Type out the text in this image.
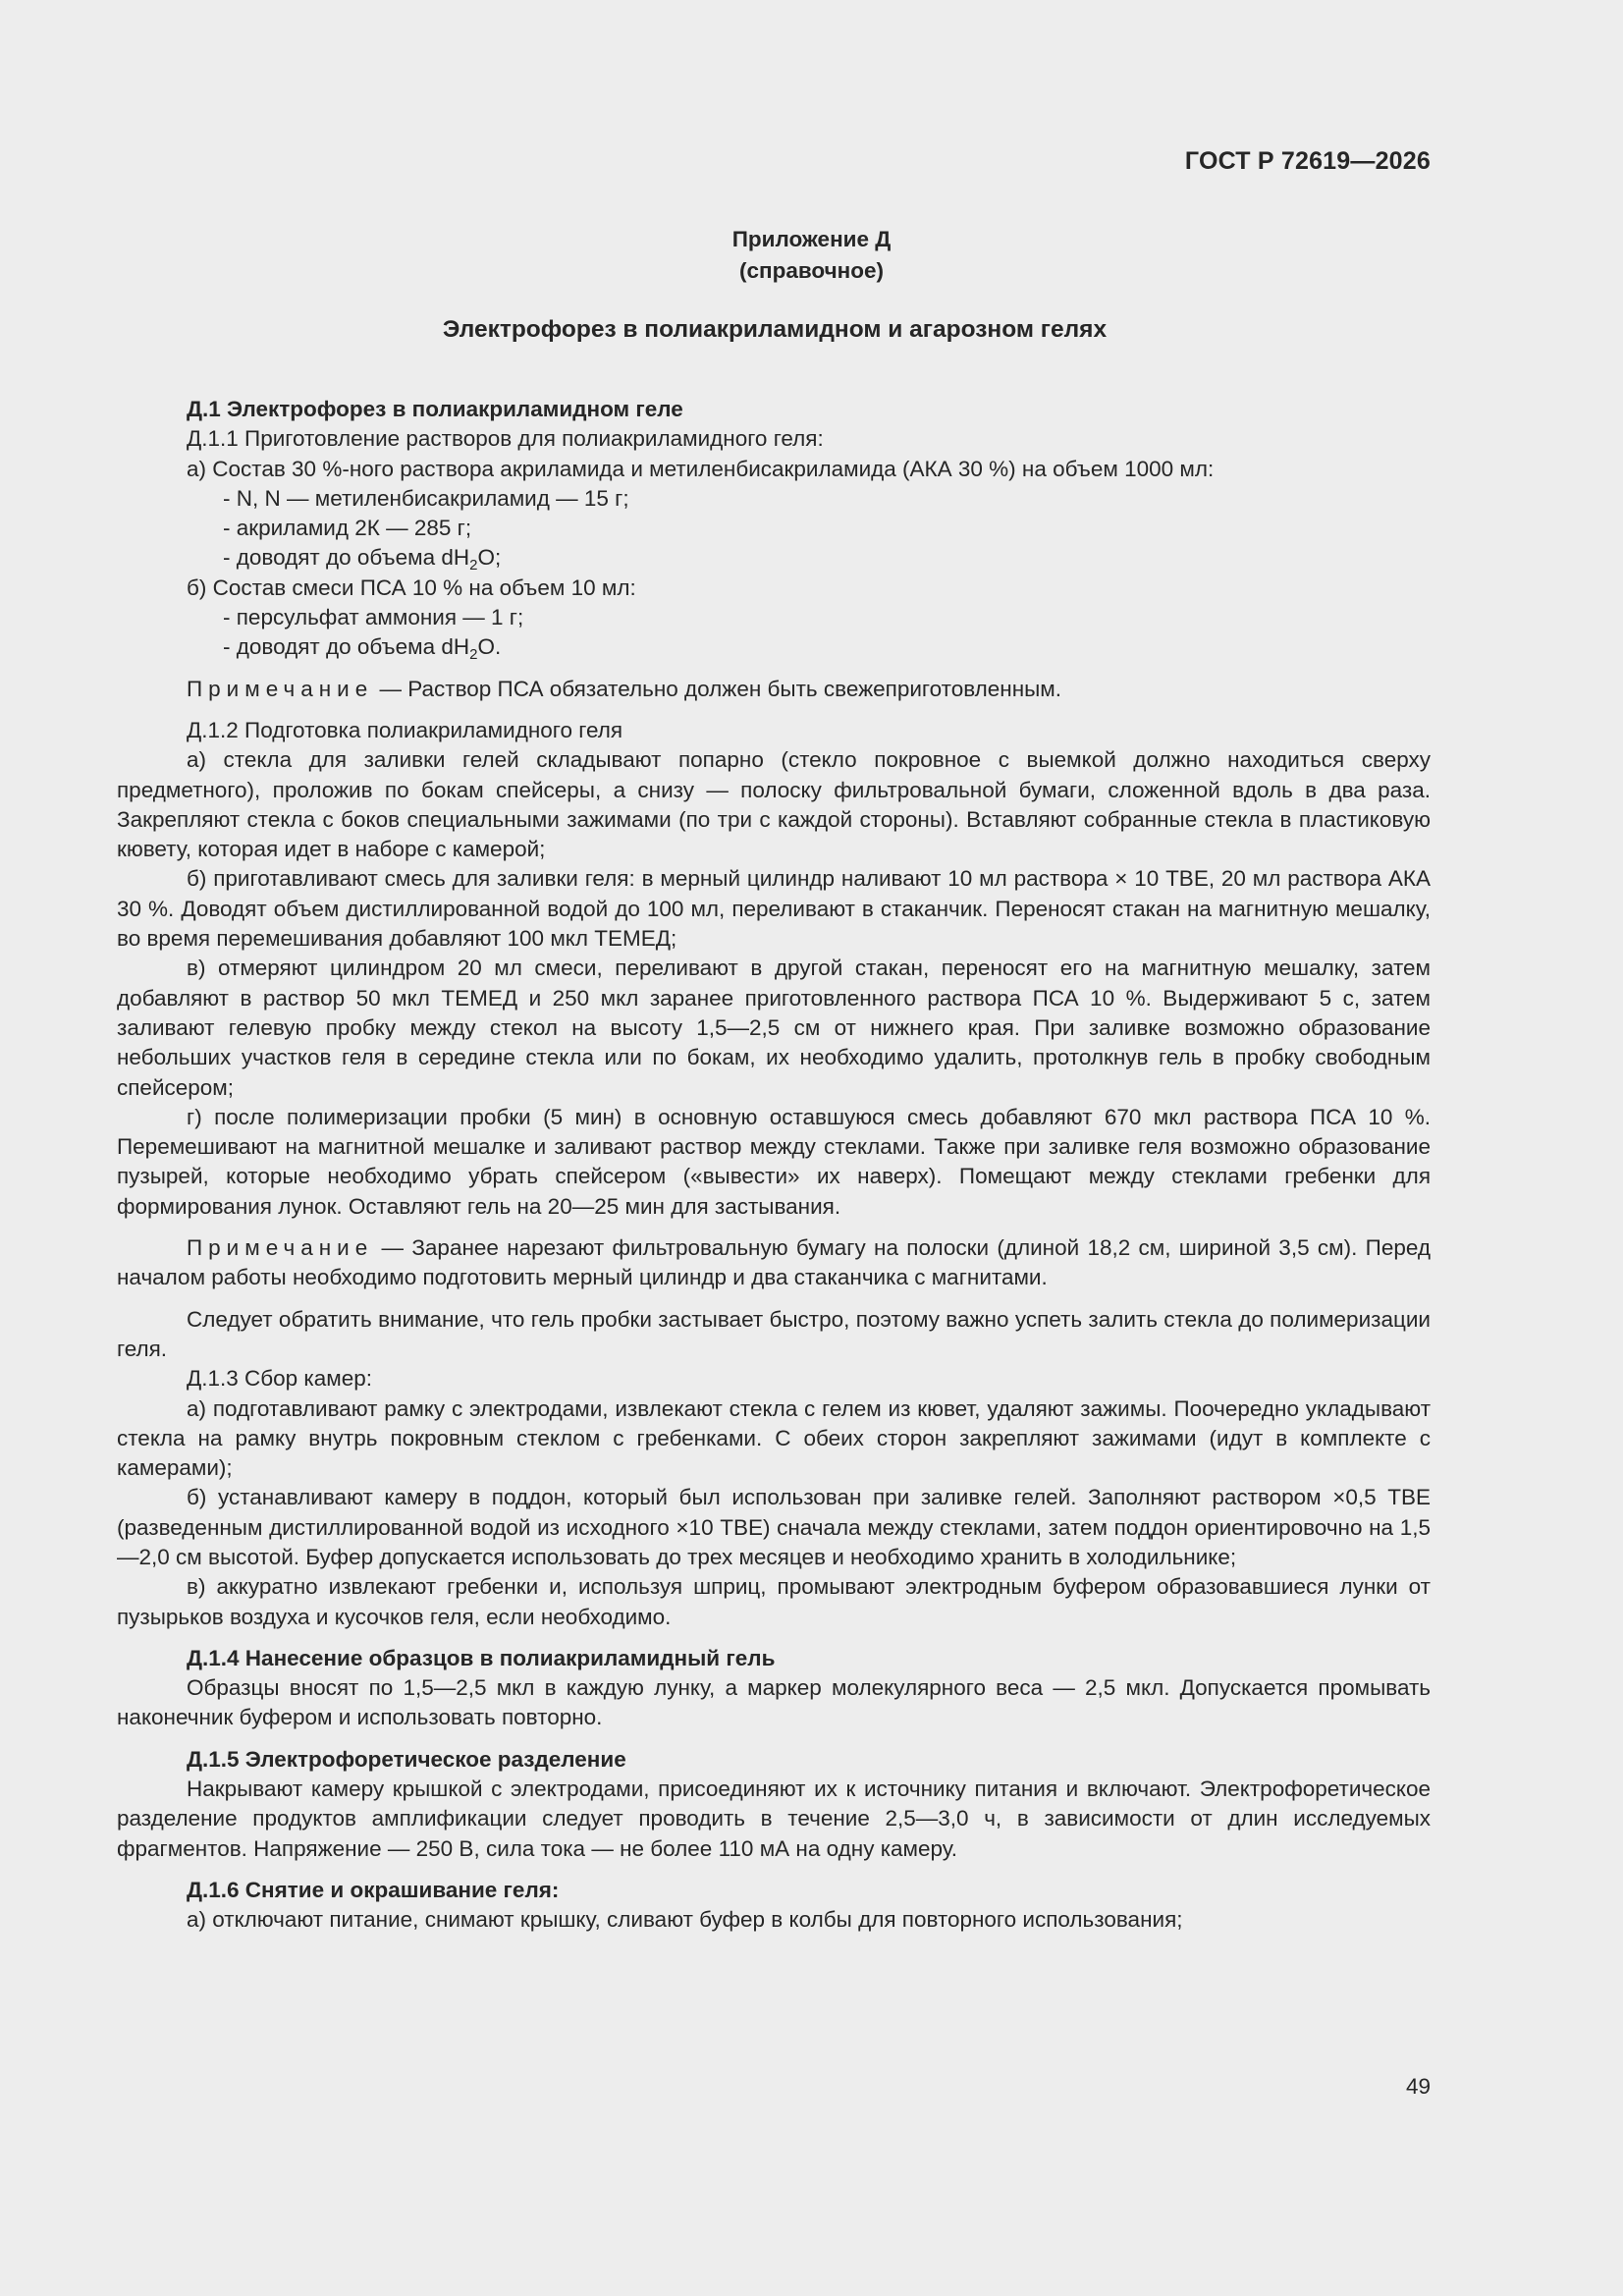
ГОСТ Р 72619—2026
Приложение Д
(справочное)
Электрофорез в полиакриламидном и агарозном гелях

Д.1 Электрофорез в полиакриламидном геле

Д.1.1 Приготовление растворов для полиакриламидного геля:

а) Состав 30 %-ного раствора акриламида и метиленбисакриламида (АКА 30 %) на объем 1000 мл:

- N, N — метиленбисакриламид — 15 г;

- акриламид 2К — 285 г;

- доводят до объема $dH_2O$;

б) Состав смеси ПСА 10 % на объем 10 мл:

- персульфат аммония — 1 г;

- доводят до объема $dH_2O$.

Примечание — Раствор ПСА обязательно должен быть свежеприготовленным.

Д.1.2 Подготовка полиакриламидного геля

а) стекла для заливки гелей складывают попарно (стекло покровное с выемкой должно находиться сверху предметного), проложив по бокам спейсеры, а снизу — полоску фильтровальной бумаги, сложенной вдоль в два раза. Закрепляют стекла с боков специальными зажимами (по три с каждой стороны). Вставляют собранные стекла в пластиковую кювету, которая идет в наборе с камерой;

б) приготавливают смесь для заливки геля: в мерный цилиндр наливают 10 мл раствора × 10 ТВЕ, 20 мл раствора АКА 30 %. Доводят объем дистиллированной водой до 100 мл, переливают в стаканчик. Переносят стакан на магнитную мешалку, во время перемешивания добавляют 100 мкл ТЕМЕД;

в) отмеряют цилиндром 20 мл смеси, переливают в другой стакан, переносят его на магнитную мешалку, затем добавляют в раствор 50 мкл ТЕМЕД и 250 мкл заранее приготовленного раствора ПСА 10 %. Выдерживают 5 с, затем заливают гелевую пробку между стекол на высоту 1,5—2,5 см от нижнего края. При заливке возможно образование небольших участков геля в середине стекла или по бокам, их необходимо удалить, протолкнув гель в пробку свободным спейсером;

г) после полимеризации пробки (5 мин) в основную оставшуюся смесь добавляют 670 мкл раствора ПСА 10 %. Перемешивают на магнитной мешалке и заливают раствор между стеклами. Также при заливке геля возможно образование пузырей, которые необходимо убрать спейсером («вывести» их наверх). Помещают между стеклами гребенки для формирования лунок. Оставляют гель на 20—25 мин для застывания.

Примечание — Заранее нарезают фильтровальную бумагу на полоски (длиной 18,2 см, шириной 3,5 см). Перед началом работы необходимо подготовить мерный цилиндр и два стаканчика с магнитами.

Следует обратить внимание, что гель пробки застывает быстро, поэтому важно успеть залить стекла до полимеризации геля.

Д.1.3 Сбор камер:

а) подготавливают рамку с электродами, извлекают стекла с гелем из кювет, удаляют зажимы. Поочередно укладывают стекла на рамку внутрь покровным стеклом с гребенками. С обеих сторон закрепляют зажимами (идут в комплекте с камерами);

б) устанавливают камеру в поддон, который был использован при заливке гелей. Заполняют раствором ×0,5 ТВЕ (разведенным дистиллированной водой из исходного ×10 ТВЕ) сначала между стеклами, затем поддон ориентировочно на 1,5—2,0 см высотой. Буфер допускается использовать до трех месяцев и необходимо хранить в холодильнике;

в) аккуратно извлекают гребенки и, используя шприц, промывают электродным буфером образовавшиеся лунки от пузырьков воздуха и кусочков геля, если необходимо.

Д.1.4 Нанесение образцов в полиакриламидный гель

Образцы вносят по 1,5—2,5 мкл в каждую лунку, а маркер молекулярного веса — 2,5 мкл. Допускается промывать наконечник буфером и использовать повторно.

Д.1.5 Электрофоретическое разделение

Накрывают камеру крышкой с электродами, присоединяют их к источнику питания и включают. Электрофоретическое разделение продуктов амплификации следует проводить в течение 2,5—3,0 ч, в зависимости от длин исследуемых фрагментов. Напряжение — 250 В, сила тока — не более 110 мА на одну камеру.

Д.1.6 Снятие и окрашивание геля:

а) отключают питание, снимают крышку, сливают буфер в колбы для повторного использования;

49
